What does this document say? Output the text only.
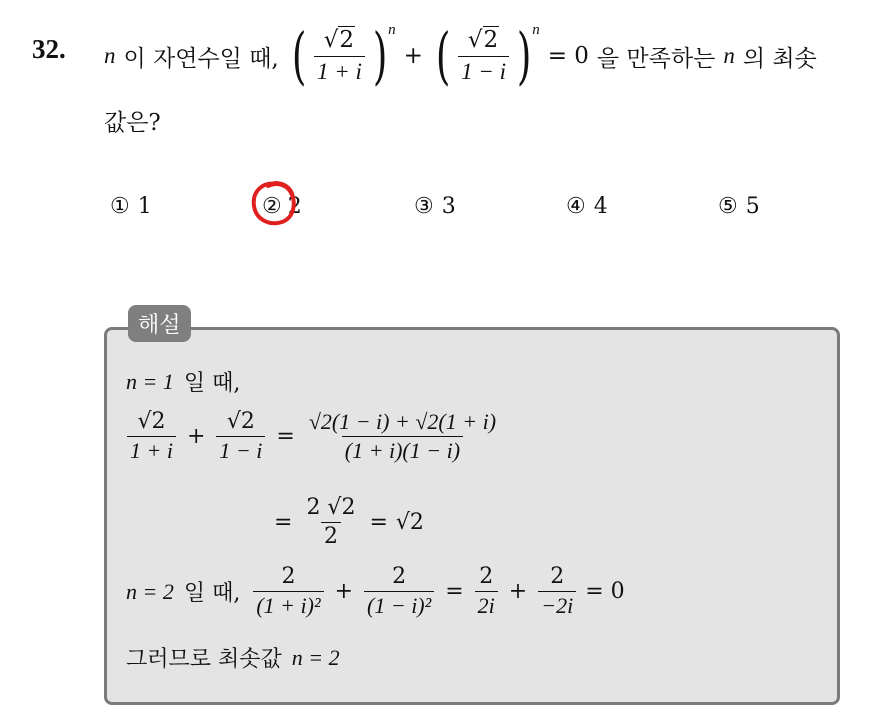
32. n 이 자연수일 때, ( $\frac{√2}{1 + i}$ ) n
+ ( $\frac{√2}{1 - i}$ ) n
= 0 을 만족하는 n 의 최솟
값은?
① 1	② 2	③ 3	④ 4	⑤ 5
해설
n = 1 일 때,
$\frac{√2}{1 + i} + \frac{√2}{1 - i} = \frac{√2(1 - i) + √2(1 + i)}{(1 + i)(1 - i)}$
= $\frac{2 √2}{2} = √2$
n = 2 일 때, $\frac{2}{\text{(1 + i)²}} + \frac{2}{\text{(1 − i)²}} = \frac{2}{2i} + \frac{2}{-2i} = 0$
그러므로 최솟값 n = 2
